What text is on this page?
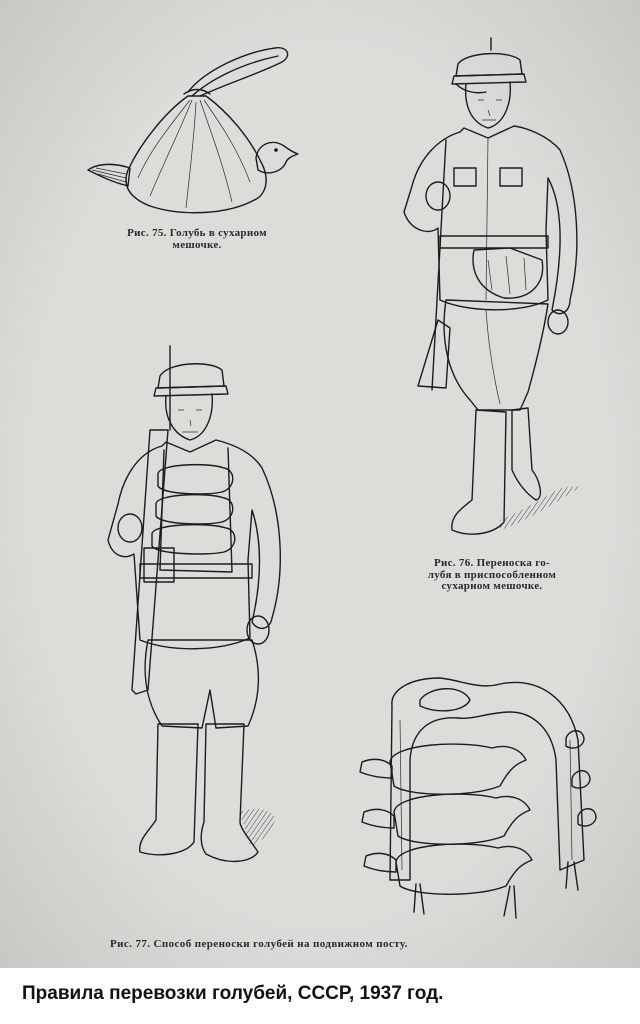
Рис. 75. Голубь в сухарном
мешочке.
Рис. 76. Переноска го-
лубя в приспособленном
сухарном мешочке.
Рис. 77. Способ переноски голубей на подвижном посту.
Правила перевозки голубей, СССР, 1937 год.
